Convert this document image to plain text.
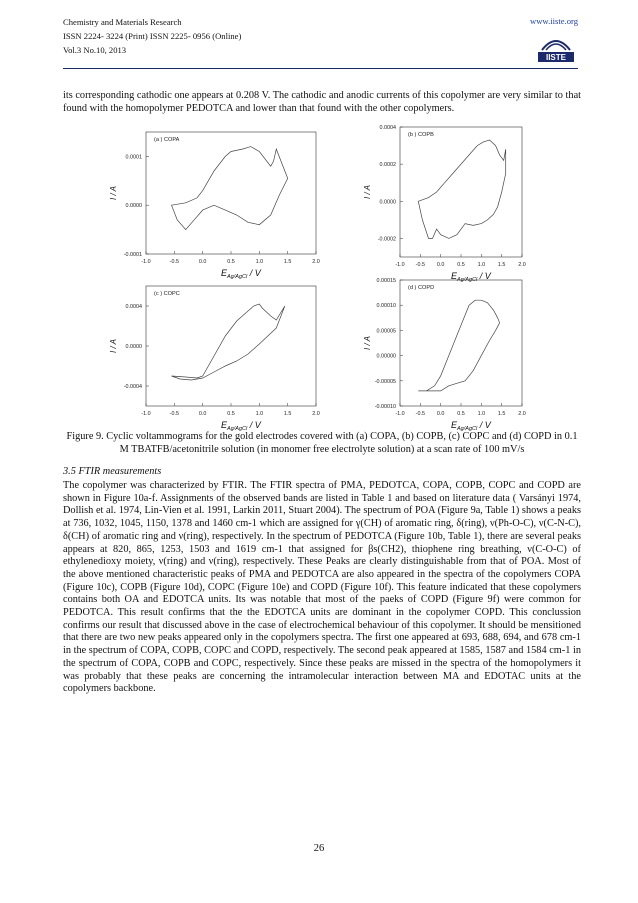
Chemistry and Materials Research
ISSN 2224- 3224 (Print) ISSN 2225- 0956 (Online)
Vol.3 No.10, 2013
www.iiste.org
IISTE
its corresponding cathodic one appears at 0.208 V. The cathodic and anodic currents of this copolymer are very similar to that found with the homopolymer PEDOTCA and lower than that found with the other copolymers.
-1.0	-0.5	0.0	0.5	1.0	1.5	2.0
0.0001
0.0000
-0.0001
(a ) COPA
I / A
$E_{Ag/AgCl}$ / V
-1.0 -0.5 0.0 0.5 1.0 1.5 2.0
0.0004
0.0002
0.0000
-0.0002
(b ) COPB
I / A
$E_{Ag/AgCl}$ / V
-1.0	-0.5	0.0	0.5	1.0	1.5	2.0
0.0004
0.0000
-0.0004
(c ) COPC
I / A
$E_{Ag/AgCl}$ / V
-1.0 -0.5 0.0 0.5 1.0 1.5 2.0
0.00015
0.00010
0.00005
0.00000
-0.00005
-0.00010
(d ) COPD
I / A
$E_{Ag/AgCl}$ / V
Figure 9. Cyclic voltammograms for the gold electrodes covered with (a) COPA, (b) COPB, (c) COPC and (d) COPD in 0.1 M TBATFB/acetonitrile solution (in monomer free electrolyte solution) at a scan rate of 100 mV/s
3.5 FTIR measurements
The copolymer was characterized by FTIR. The FTIR spectra of PMA, PEDOTCA, COPA, COPB, COPC and COPD are shown in Figure 10a-f. Assignments of the observed bands are listed in Table 1 and based on literature data ( Varsányi 1974, Dollish et al. 1974, Lin-Vien et al. 1991, Larkin 2011, Stuart 2004). The spectrum of POA (Figure 9a, Table 1) shows a peaks at 736, 1032, 1045, 1150, 1378 and 1460 cm-1 which are assigned for γ(CH) of aromatic ring, δ(ring), ν(Ph-O-C), ν(C-N-C), δ(CH) of aromatic ring and ν(ring), respectively. In the spectrum of PEDOTCA (Figure 10b, Table 1), there are several peaks appears at 820, 865, 1253, 1503 and 1619 cm-1 that assigned for βs(CH2), thiophene ring breathing, ν(C-O-C) of ethylenedioxy moiety, ν(ring) and ν(ring), respectively. These Peaks are clearly distinguishable from that of POA. Most of the above mentioned characteristic peaks of PMA and PEDOTCA are also appeared in the spectra of the copolymers COPA (Figure 10c), COPB (Figure 10d), COPC (Figure 10e) and COPD (Figure 10f). This feature indicated that these copolymers contains both OA and EDOTCA units. Its was notable that most of the paeks of COPD (Figure 9f) were common for PEDOTCA. This result confirms that the the EDOTCA units are dominant in the copolymer COPD. This conclussion confirms our result that discussed above in the case of electrochemical behaviour of this copolymer. It should be mensitioned that there are two new peaks appeared only in the copolymers spectra. The first one appeared at 693, 688, 694, and 678 cm-1 in the spectrum of COPA, COPB, COPC and COPD, respectively. The second peak appeared at 1585, 1587 and 1584 cm-1 in the spectrum of COPA, COPB and COPC, respectively. Since these peaks are missed in the spectra of the homopolymers it was probably that these peaks are concerning the intramolecular interaction between MA and EDOTAC units at the copolymers backbone.
26
